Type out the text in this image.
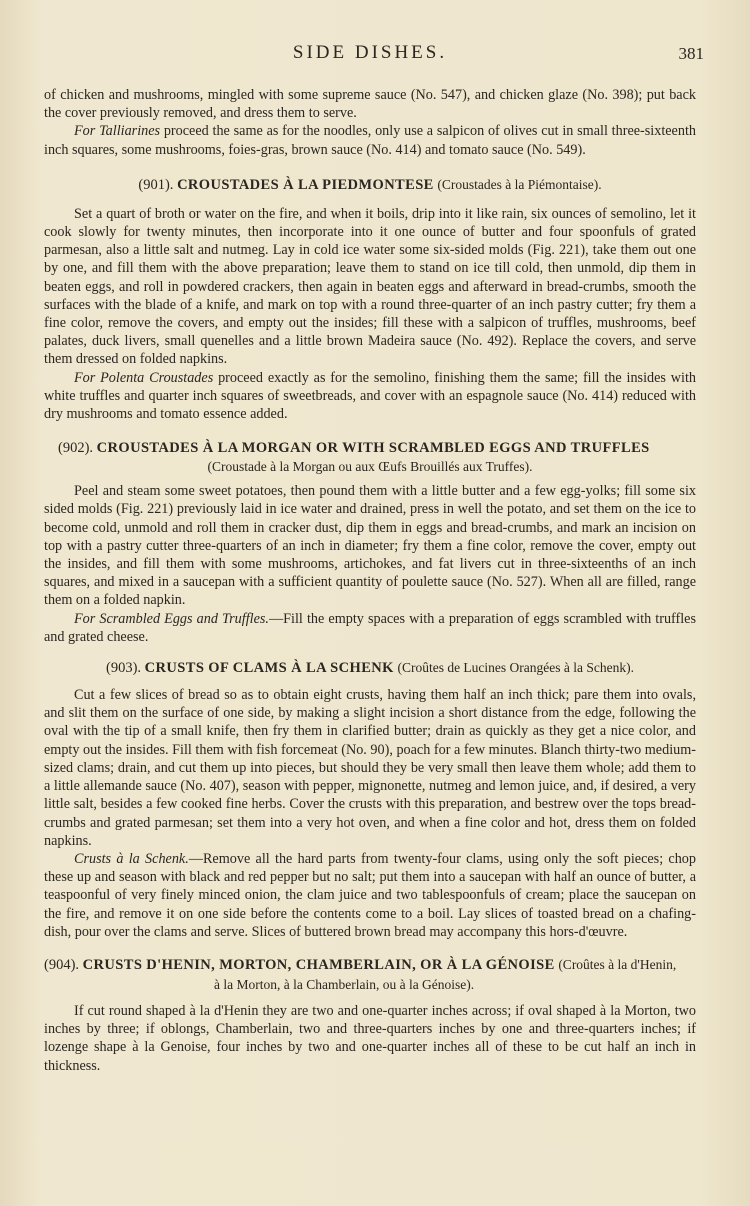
SIDE DISHES.	381

of chicken and mushrooms, mingled with some supreme sauce (No. 547), and chicken glaze (No. 398); put back the cover previously removed, and dress them to serve.

For Talliarines proceed the same as for the noodles, only use a salpicon of olives cut in small three-sixteenth inch squares, some mushrooms, foies-gras, brown sauce (No. 414) and tomato sauce (No. 549).

(901). CROUSTADES À LA PIEDMONTESE (Croustades à la Piémontaise).

Set a quart of broth or water on the fire, and when it boils, drip into it like rain, six ounces of semolino, let it cook slowly for twenty minutes, then incorporate into it one ounce of butter and four spoonfuls of grated parmesan, also a little salt and nutmeg. Lay in cold ice water some six-sided molds (Fig. 221), take them out one by one, and fill them with the above preparation; leave them to stand on ice till cold, then unmold, dip them in beaten eggs, and roll in powdered crackers, then again in beaten eggs and afterward in bread-crumbs, smooth the surfaces with the blade of a knife, and mark on top with a round three-quarter of an inch pastry cutter; fry them a fine color, remove the covers, and empty out the insides; fill these with a salpicon of truffles, mushrooms, beef palates, duck livers, small quenelles and a little brown Madeira sauce (No. 492). Replace the covers, and serve them dressed on folded napkins.

For Polenta Croustades proceed exactly as for the semolino, finishing them the same; fill the insides with white truffles and quarter inch squares of sweetbreads, and cover with an espagnole sauce (No. 414) reduced with dry mushrooms and tomato essence added.

(902). CROUSTADES À LA MORGAN OR WITH SCRAMBLED EGGS AND TRUFFLES
(Croustade à la Morgan ou aux Œufs Brouillés aux Truffes).

Peel and steam some sweet potatoes, then pound them with a little butter and a few egg-yolks; fill some six sided molds (Fig. 221) previously laid in ice water and drained, press in well the potato, and set them on the ice to become cold, unmold and roll them in cracker dust, dip them in eggs and bread-crumbs, and mark an incision on top with a pastry cutter three-quarters of an inch in diameter; fry them a fine color, remove the cover, empty out the insides, and fill them with some mushrooms, artichokes, and fat livers cut in three-sixteenths of an inch squares, and mixed in a saucepan with a sufficient quantity of poulette sauce (No. 527). When all are filled, range them on a folded napkin.

For Scrambled Eggs and Truffles.—Fill the empty spaces with a preparation of eggs scrambled with truffles and grated cheese.

(903). CRUSTS OF CLAMS À LA SCHENK (Croûtes de Lucines Orangées à la Schenk).

Cut a few slices of bread so as to obtain eight crusts, having them half an inch thick; pare them into ovals, and slit them on the surface of one side, by making a slight incision a short distance from the edge, following the oval with the tip of a small knife, then fry them in clarified butter; drain as quickly as they get a nice color, and empty out the insides. Fill them with fish forcemeat (No. 90), poach for a few minutes. Blanch thirty-two medium-sized clams; drain, and cut them up into pieces, but should they be very small then leave them whole; add them to a little allemande sauce (No. 407), season with pepper, mignonette, nutmeg and lemon juice, and, if desired, a very little salt, besides a few cooked fine herbs. Cover the crusts with this preparation, and bestrew over the tops bread-crumbs and grated parmesan; set them into a very hot oven, and when a fine color and hot, dress them on folded napkins.

Crusts à la Schenk.—Remove all the hard parts from twenty-four clams, using only the soft pieces; chop these up and season with black and red pepper but no salt; put them into a saucepan with half an ounce of butter, a teaspoonful of very finely minced onion, the clam juice and two tablespoonfuls of cream; place the saucepan on the fire, and remove it on one side before the contents come to a boil. Lay slices of toasted bread on a chafing-dish, pour over the clams and serve. Slices of buttered brown bread may accompany this hors-d'œuvre.

(904). CRUSTS D'HENIN, MORTON, CHAMBERLAIN, OR À LA GÉNOISE (Croûtes à la d'Henin,
à la Morton, à la Chamberlain, ou à la Génoise).

If cut round shaped à la d'Henin they are two and one-quarter inches across; if oval shaped à la Morton, two inches by three; if oblongs, Chamberlain, two and three-quarters inches by one and three-quarters inches; if lozenge shape à la Genoise, four inches by two and one-quarter inches all of these to be cut half an inch in thickness.
